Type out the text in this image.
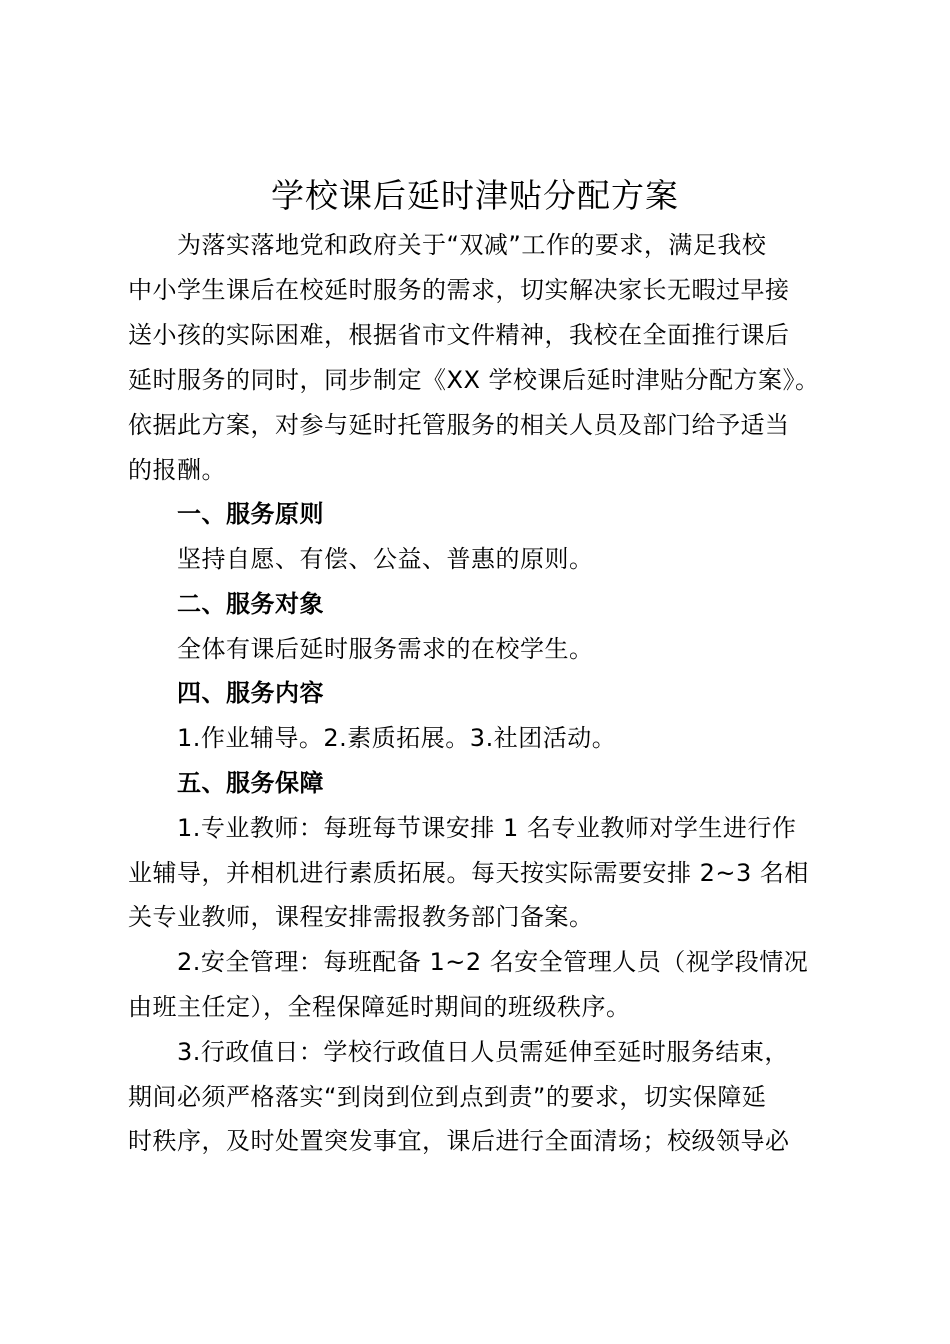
学校课后延时津贴分配方案
为落实落地党和政府关于“双减”工作的要求，满足我校
中小学生课后在校延时服务的需求，切实解决家长无暇过早接
送小孩的实际困难，根据省市文件精神，我校在全面推行课后
延时服务的同时，同步制定《XX 学校课后延时津贴分配方案》。
依据此方案，对参与延时托管服务的相关人员及部门给予适当
的报酬。
一、服务原则
坚持自愿、有偿、公益、普惠的原则。
二、服务对象
全体有课后延时服务需求的在校学生。
四、服务内容
1.作业辅导。2.素质拓展。3.社团活动。
五、服务保障
1.专业教师：每班每节课安排 1 名专业教师对学生进行作
业辅导，并相机进行素质拓展。每天按实际需要安排 2~3 名相
关专业教师，课程安排需报教务部门备案。
2.安全管理：每班配备 1~2 名安全管理人员（视学段情况
由班主任定），全程保障延时期间的班级秩序。
3.行政值日：学校行政值日人员需延伸至延时服务结束，
期间必须严格落实“到岗到位到点到责”的要求，切实保障延
时秩序，及时处置突发事宜，课后进行全面清场；校级领导必
